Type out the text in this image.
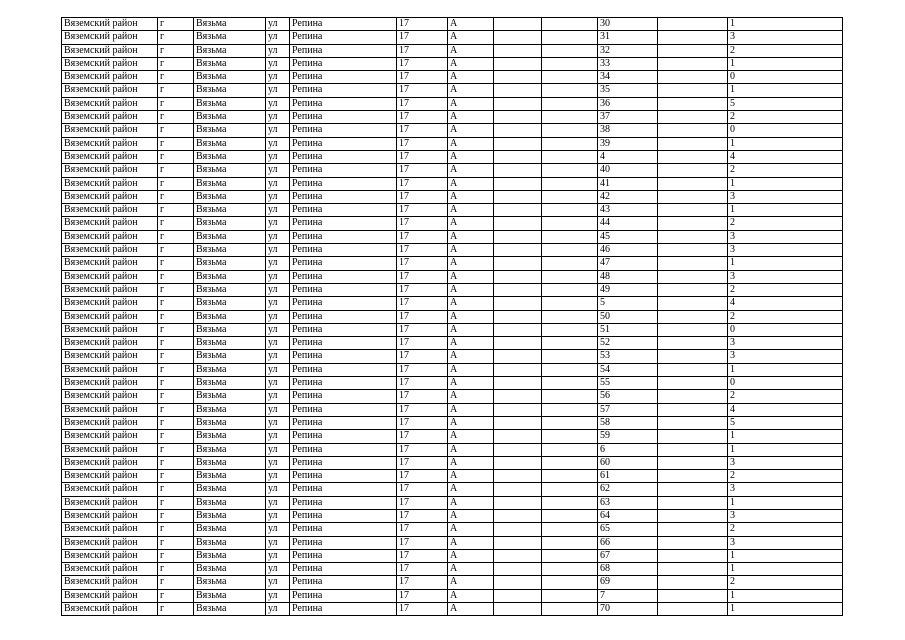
Вяземский район	г	Вязьма	ул	Репина	17	А			30		1
Вяземский район	г	Вязьма	ул	Репина	17	А			31		3
Вяземский район	г	Вязьма	ул	Репина	17	А			32		2
Вяземский район	г	Вязьма	ул	Репина	17	А			33		1
Вяземский район	г	Вязьма	ул	Репина	17	А			34		0
Вяземский район	г	Вязьма	ул	Репина	17	А			35		1
Вяземский район	г	Вязьма	ул	Репина	17	А			36		5
Вяземский район	г	Вязьма	ул	Репина	17	А			37		2
Вяземский район	г	Вязьма	ул	Репина	17	А			38		0
Вяземский район	г	Вязьма	ул	Репина	17	А			39		1
Вяземский район	г	Вязьма	ул	Репина	17	А			4		4
Вяземский район	г	Вязьма	ул	Репина	17	А			40		2
Вяземский район	г	Вязьма	ул	Репина	17	А			41		1
Вяземский район	г	Вязьма	ул	Репина	17	А			42		3
Вяземский район	г	Вязьма	ул	Репина	17	А			43		1
Вяземский район	г	Вязьма	ул	Репина	17	А			44		2
Вяземский район	г	Вязьма	ул	Репина	17	А			45		3
Вяземский район	г	Вязьма	ул	Репина	17	А			46		3
Вяземский район	г	Вязьма	ул	Репина	17	А			47		1
Вяземский район	г	Вязьма	ул	Репина	17	А			48		3
Вяземский район	г	Вязьма	ул	Репина	17	А			49		2
Вяземский район	г	Вязьма	ул	Репина	17	А			5		4
Вяземский район	г	Вязьма	ул	Репина	17	А			50		2
Вяземский район	г	Вязьма	ул	Репина	17	А			51		0
Вяземский район	г	Вязьма	ул	Репина	17	А			52		3
Вяземский район	г	Вязьма	ул	Репина	17	А			53		3
Вяземский район	г	Вязьма	ул	Репина	17	А			54		1
Вяземский район	г	Вязьма	ул	Репина	17	А			55		0
Вяземский район	г	Вязьма	ул	Репина	17	А			56		2
Вяземский район	г	Вязьма	ул	Репина	17	А			57		4
Вяземский район	г	Вязьма	ул	Репина	17	А			58		5
Вяземский район	г	Вязьма	ул	Репина	17	А			59		1
Вяземский район	г	Вязьма	ул	Репина	17	А			6		1
Вяземский район	г	Вязьма	ул	Репина	17	А			60		3
Вяземский район	г	Вязьма	ул	Репина	17	А			61		2
Вяземский район	г	Вязьма	ул	Репина	17	А			62		3
Вяземский район	г	Вязьма	ул	Репина	17	А			63		1
Вяземский район	г	Вязьма	ул	Репина	17	А			64		3
Вяземский район	г	Вязьма	ул	Репина	17	А			65		2
Вяземский район	г	Вязьма	ул	Репина	17	А			66		3
Вяземский район	г	Вязьма	ул	Репина	17	А			67		1
Вяземский район	г	Вязьма	ул	Репина	17	А			68		1
Вяземский район	г	Вязьма	ул	Репина	17	А			69		2
Вяземский район	г	Вязьма	ул	Репина	17	А			7		1
Вяземский район	г	Вязьма	ул	Репина	17	А			70		1
